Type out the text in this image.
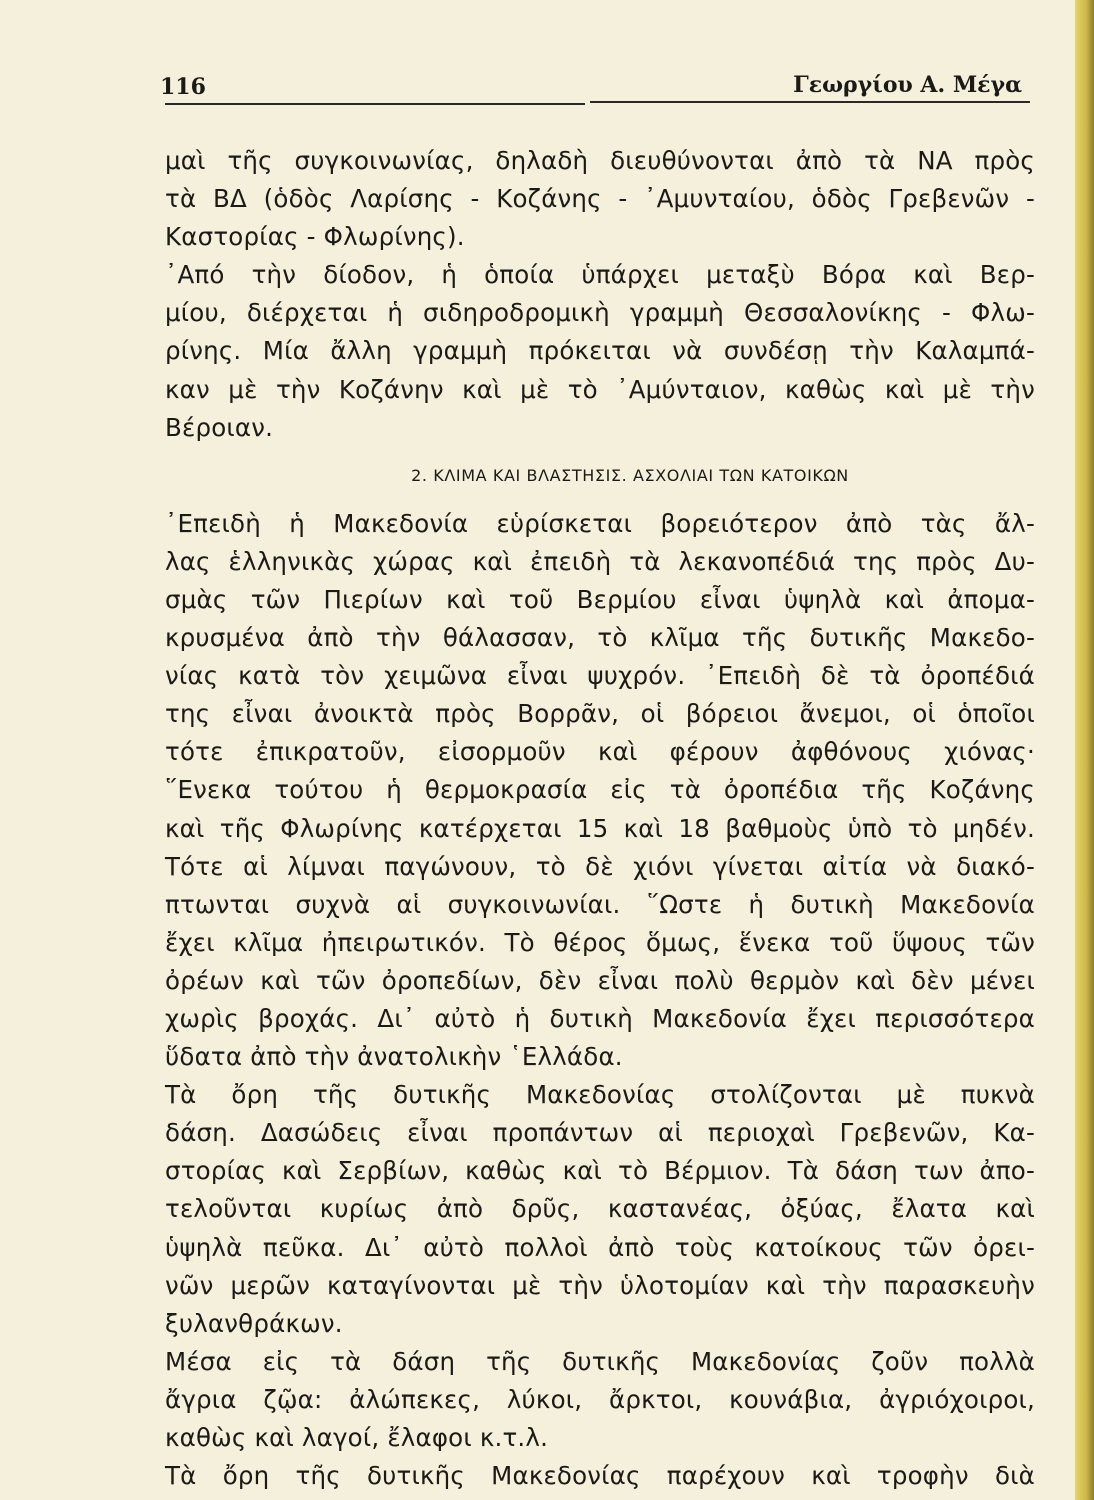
116	Γεωργίου Α. Μέγα
μαὶ τῆς συγκοινωνίας, δηλαδὴ διευθύνονται ἀπὸ τὰ ΝΑ πρὸς
τὰ ΒΔ (ὁδὸς Λαρίσης - Κοζάνης - ᾿Αμυνταίου, ὁδὸς Γρεβενῶν -
Καστορίας - Φλωρίνης).
᾿Από τὴν δίοδον, ἡ ὁποία ὑπάρχει μεταξὺ Βόρα καὶ Βερ-
μίου, διέρχεται ἡ σιδηροδρομικὴ γραμμὴ Θεσσαλονίκης - Φλω-
ρίνης. Μία ἄλλη γραμμὴ πρόκειται νὰ συνδέσῃ τὴν Καλαμπά-
καν μὲ τὴν Κοζάνην καὶ μὲ τὸ ᾿Αμύνταιον, καθὼς καὶ μὲ τὴν
Βέροιαν.
2. ΚΛΙΜΑ ΚΑΙ ΒΛΑΣΤΗΣΙΣ. ΑΣΧΟΛΙΑΙ ΤΩΝ ΚΑΤΟΙΚΩΝ
᾿Επειδὴ ἡ Μακεδονία εὑρίσκεται βορειότερον ἀπὸ τὰς ἄλ-
λας ἑλληνικὰς χώρας καὶ ἐπειδὴ τὰ λεκανοπέδιά της πρὸς Δυ-
σμὰς τῶν Πιερίων καὶ τοῦ Βερμίου εἶναι ὑψηλὰ καὶ ἀπομα-
κρυσμένα ἀπὸ τὴν θάλασσαν, τὸ κλῖμα τῆς δυτικῆς Μακεδο-
νίας κατὰ τὸν χειμῶνα εἶναι ψυχρόν. ᾿Επειδὴ δὲ τὰ ὀροπέδιά
της εἶναι ἀνοικτὰ πρὸς Βορρᾶν, οἱ βόρειοι ἄνεμοι, οἱ ὁποῖοι
τότε ἐπικρατοῦν, εἰσορμοῦν καὶ φέρουν ἀφθόνους χιόνας·
῞Ενεκα τούτου ἡ θερμοκρασία εἰς τὰ ὀροπέδια τῆς Κοζάνης
καὶ τῆς Φλωρίνης κατέρχεται 15 καὶ 18 βαθμοὺς ὑπὸ τὸ μηδέν.
Τότε αἱ λίμναι παγώνουν, τὸ δὲ χιόνι γίνεται αἰτία νὰ διακό-
πτωνται συχνὰ αἱ συγκοινωνίαι. ῞Ωστε ἡ δυτικὴ Μακεδονία
ἔχει κλῖμα ἠπειρωτικόν. Τὸ θέρος ὅμως, ἕνεκα τοῦ ὕψους τῶν
ὀρέων καὶ τῶν ὀροπεδίων, δὲν εἶναι πολὺ θερμὸν καὶ δὲν μένει
χωρὶς βροχάς. Δι᾿ αὐτὸ ἡ δυτικὴ Μακεδονία ἔχει περισσότερα
ὕδατα ἀπὸ τὴν ἀνατολικὴν ῾Ελλάδα.
Τὰ ὄρη τῆς δυτικῆς Μακεδονίας στολίζονται μὲ πυκνὰ
δάση. Δασώδεις εἶναι προπάντων αἱ περιοχαὶ Γρεβενῶν, Κα-
στορίας καὶ Σερβίων, καθὼς καὶ τὸ Βέρμιον. Τὰ δάση των ἀπο-
τελοῦνται κυρίως ἀπὸ δρῦς, καστανέας, ὀξύας, ἔλατα καὶ
ὑψηλὰ πεῦκα. Δι᾿ αὐτὸ πολλοὶ ἀπὸ τοὺς κατοίκους τῶν ὀρει-
νῶν μερῶν καταγίνονται μὲ τὴν ὑλοτομίαν καὶ τὴν παρασκευὴν
ξυλανθράκων.
Μέσα εἰς τὰ δάση τῆς δυτικῆς Μακεδονίας ζοῦν πολλὰ
ἄγρια ζῷα: ἀλώπεκες, λύκοι, ἄρκτοι, κουνάβια, ἀγριόχοιροι,
καθὼς καὶ λαγοί, ἔλαφοι κ.τ.λ.
Τὰ ὄρη τῆς δυτικῆς Μακεδονίας παρέχουν καὶ τροφὴν διὰ
